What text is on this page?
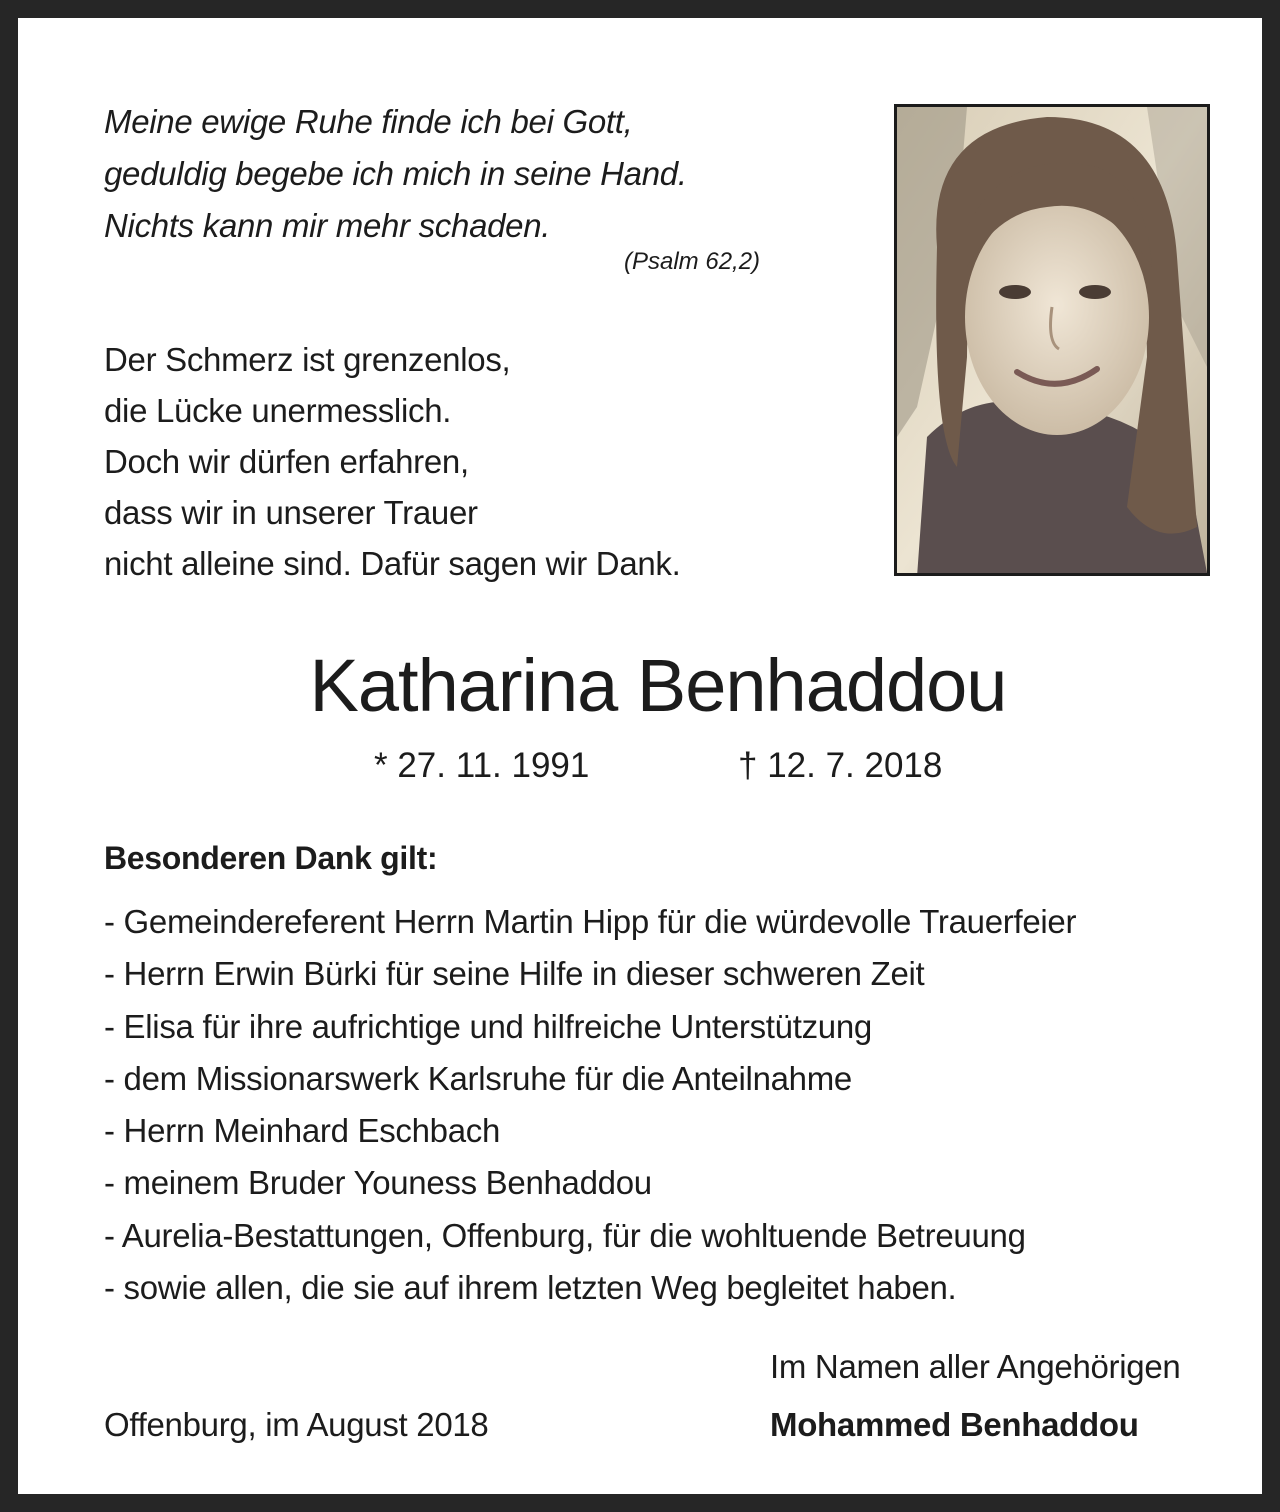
Meine ewige Ruhe finde ich bei Gott,
geduldig begebe ich mich in seine Hand.
Nichts kann mir mehr schaden.
(Psalm 62,2)
Der Schmerz ist grenzenlos,
die Lücke unermesslich.
Doch wir dürfen erfahren,
dass wir in unserer Trauer
nicht alleine sind. Dafür sagen wir Dank.
Katharina Benhaddou
* 27. 11. 1991	† 12. 7. 2018
Besonderen Dank gilt:
- Gemeindereferent Herrn Martin Hipp für die würdevolle Trauerfeier
- Herrn Erwin Bürki für seine Hilfe in dieser schweren Zeit
- Elisa für ihre aufrichtige und hilfreiche Unterstützung
- dem Missionarswerk Karlsruhe für die Anteilnahme
- Herrn Meinhard Eschbach
- meinem Bruder Youness Benhaddou
- Aurelia-Bestattungen, Offenburg, für die wohltuende Betreuung
- sowie allen, die sie auf ihrem letzten Weg begleitet haben.
Im Namen aller Angehörigen
Offenburg, im August 2018	Mohammed Benhaddou
